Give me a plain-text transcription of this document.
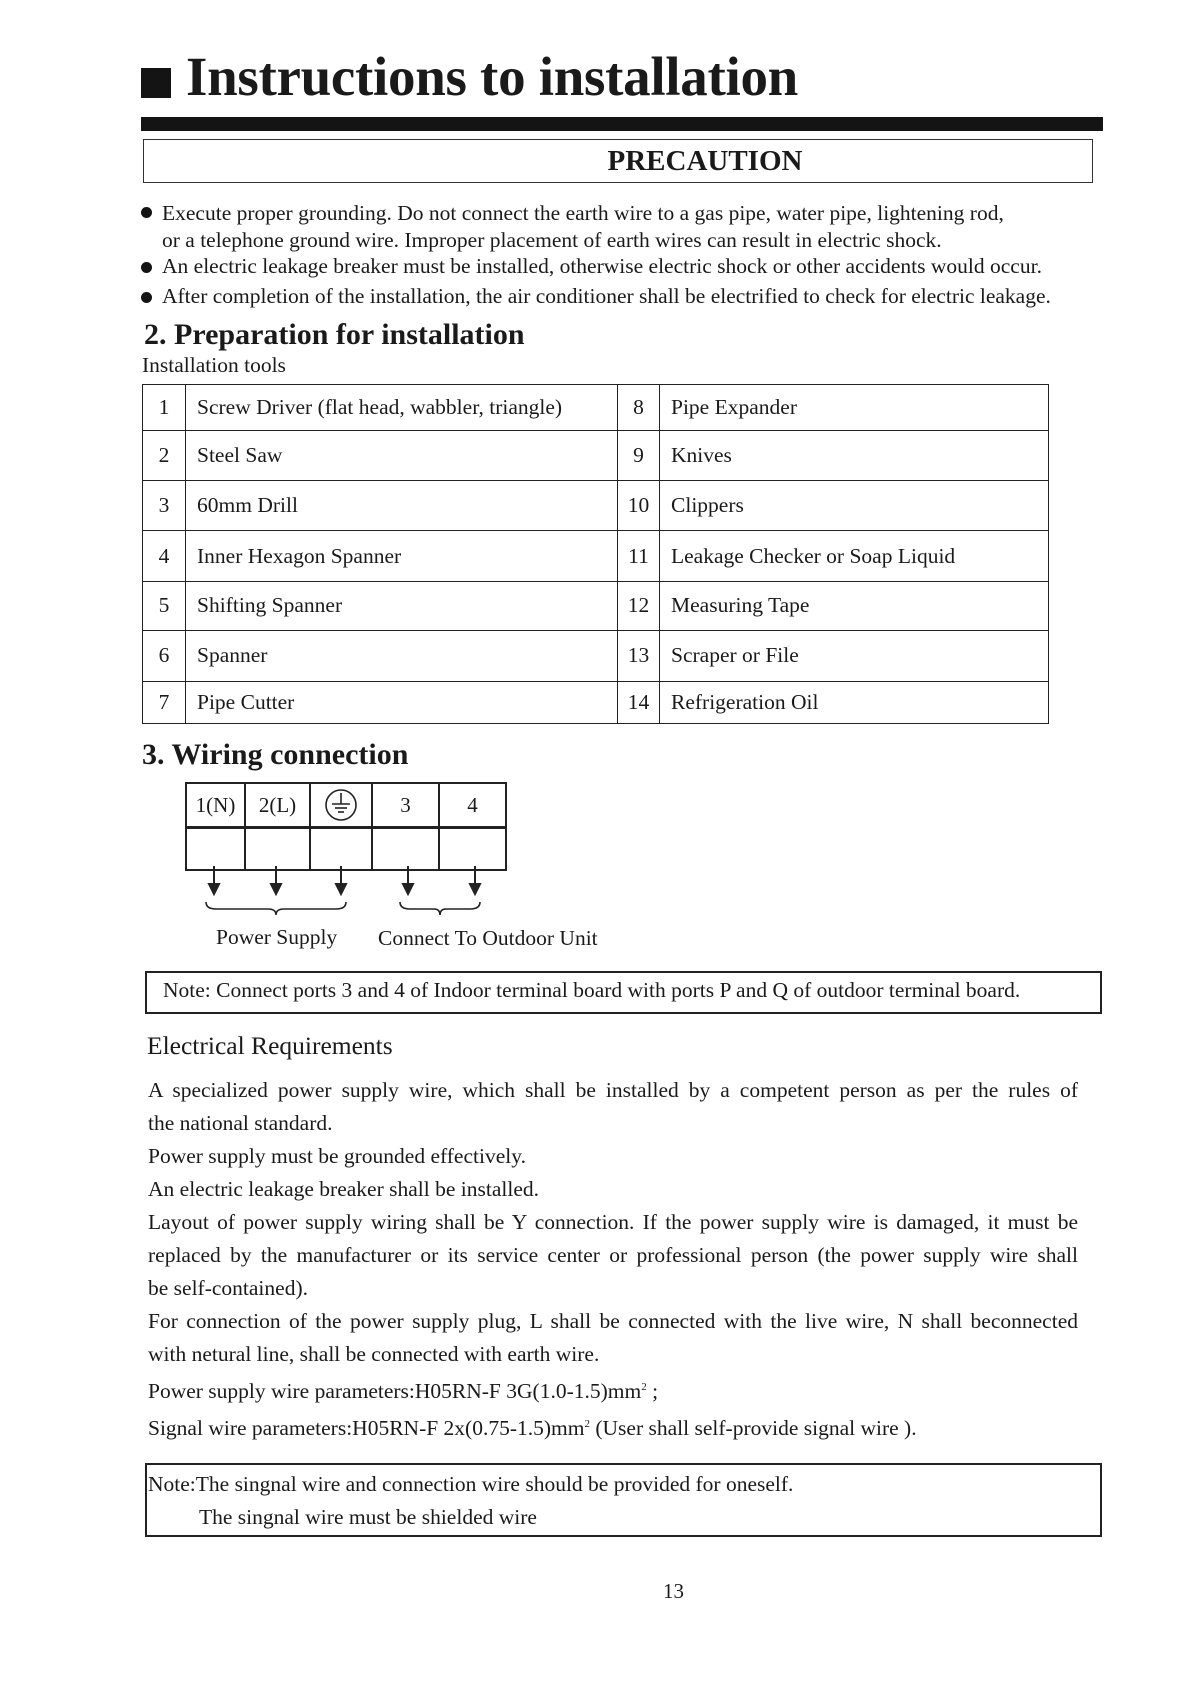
Instructions to installation
PRECAUTION
Execute proper grounding. Do not connect the earth wire to a gas pipe, water pipe, lightening rod,
or a telephone ground wire. Improper placement of earth wires can result in electric shock.
An electric leakage breaker must be installed, otherwise electric shock or other accidents would occur.
After completion of the installation, the air conditioner shall be electrified to check for electric leakage.
2. Preparation for installation
Installation tools
1	Screw Driver (flat head, wabbler, triangle)	8	Pipe Expander
2	Steel Saw	9	Knives
3	60mm Drill	10	Clippers
4	Inner Hexagon Spanner	11	Leakage Checker or Soap Liquid
5	Shifting Spanner	12	Measuring Tape
6	Spanner	13	Scraper or File
7	Pipe Cutter	14	Refrigeration Oil
3. Wiring connection
1(N)	2(L)		3	4

Power Supply Connect To Outdoor Unit
Note: Connect ports 3 and 4 of Indoor terminal board with ports P and Q of outdoor terminal board.
Electrical Requirements
A specialized power supply wire, which shall be installed by a competent person as per the rules of
the national standard.
Power supply must be grounded effectively.
An electric leakage breaker shall be installed.
Layout of power supply wiring shall be Y connection. If the power supply wire is damaged, it must be
replaced by the manufacturer or its service center or professional person (the power supply wire shall
be self-contained).
For connection of the power supply plug, L shall be connected with the live wire, N shall beconnected
with netural line, shall be connected with earth wire.
Power supply wire parameters:H05RN-F $3G(1.0-1.5)mm^2$ ;
Signal wire parameters:H05RN-F $2x(0.75-1.5)mm^2$ (User shall self-provide signal wire ).
Note:The singnal wire and connection wire should be provided for oneself.
The singnal wire must be shielded wire
13
